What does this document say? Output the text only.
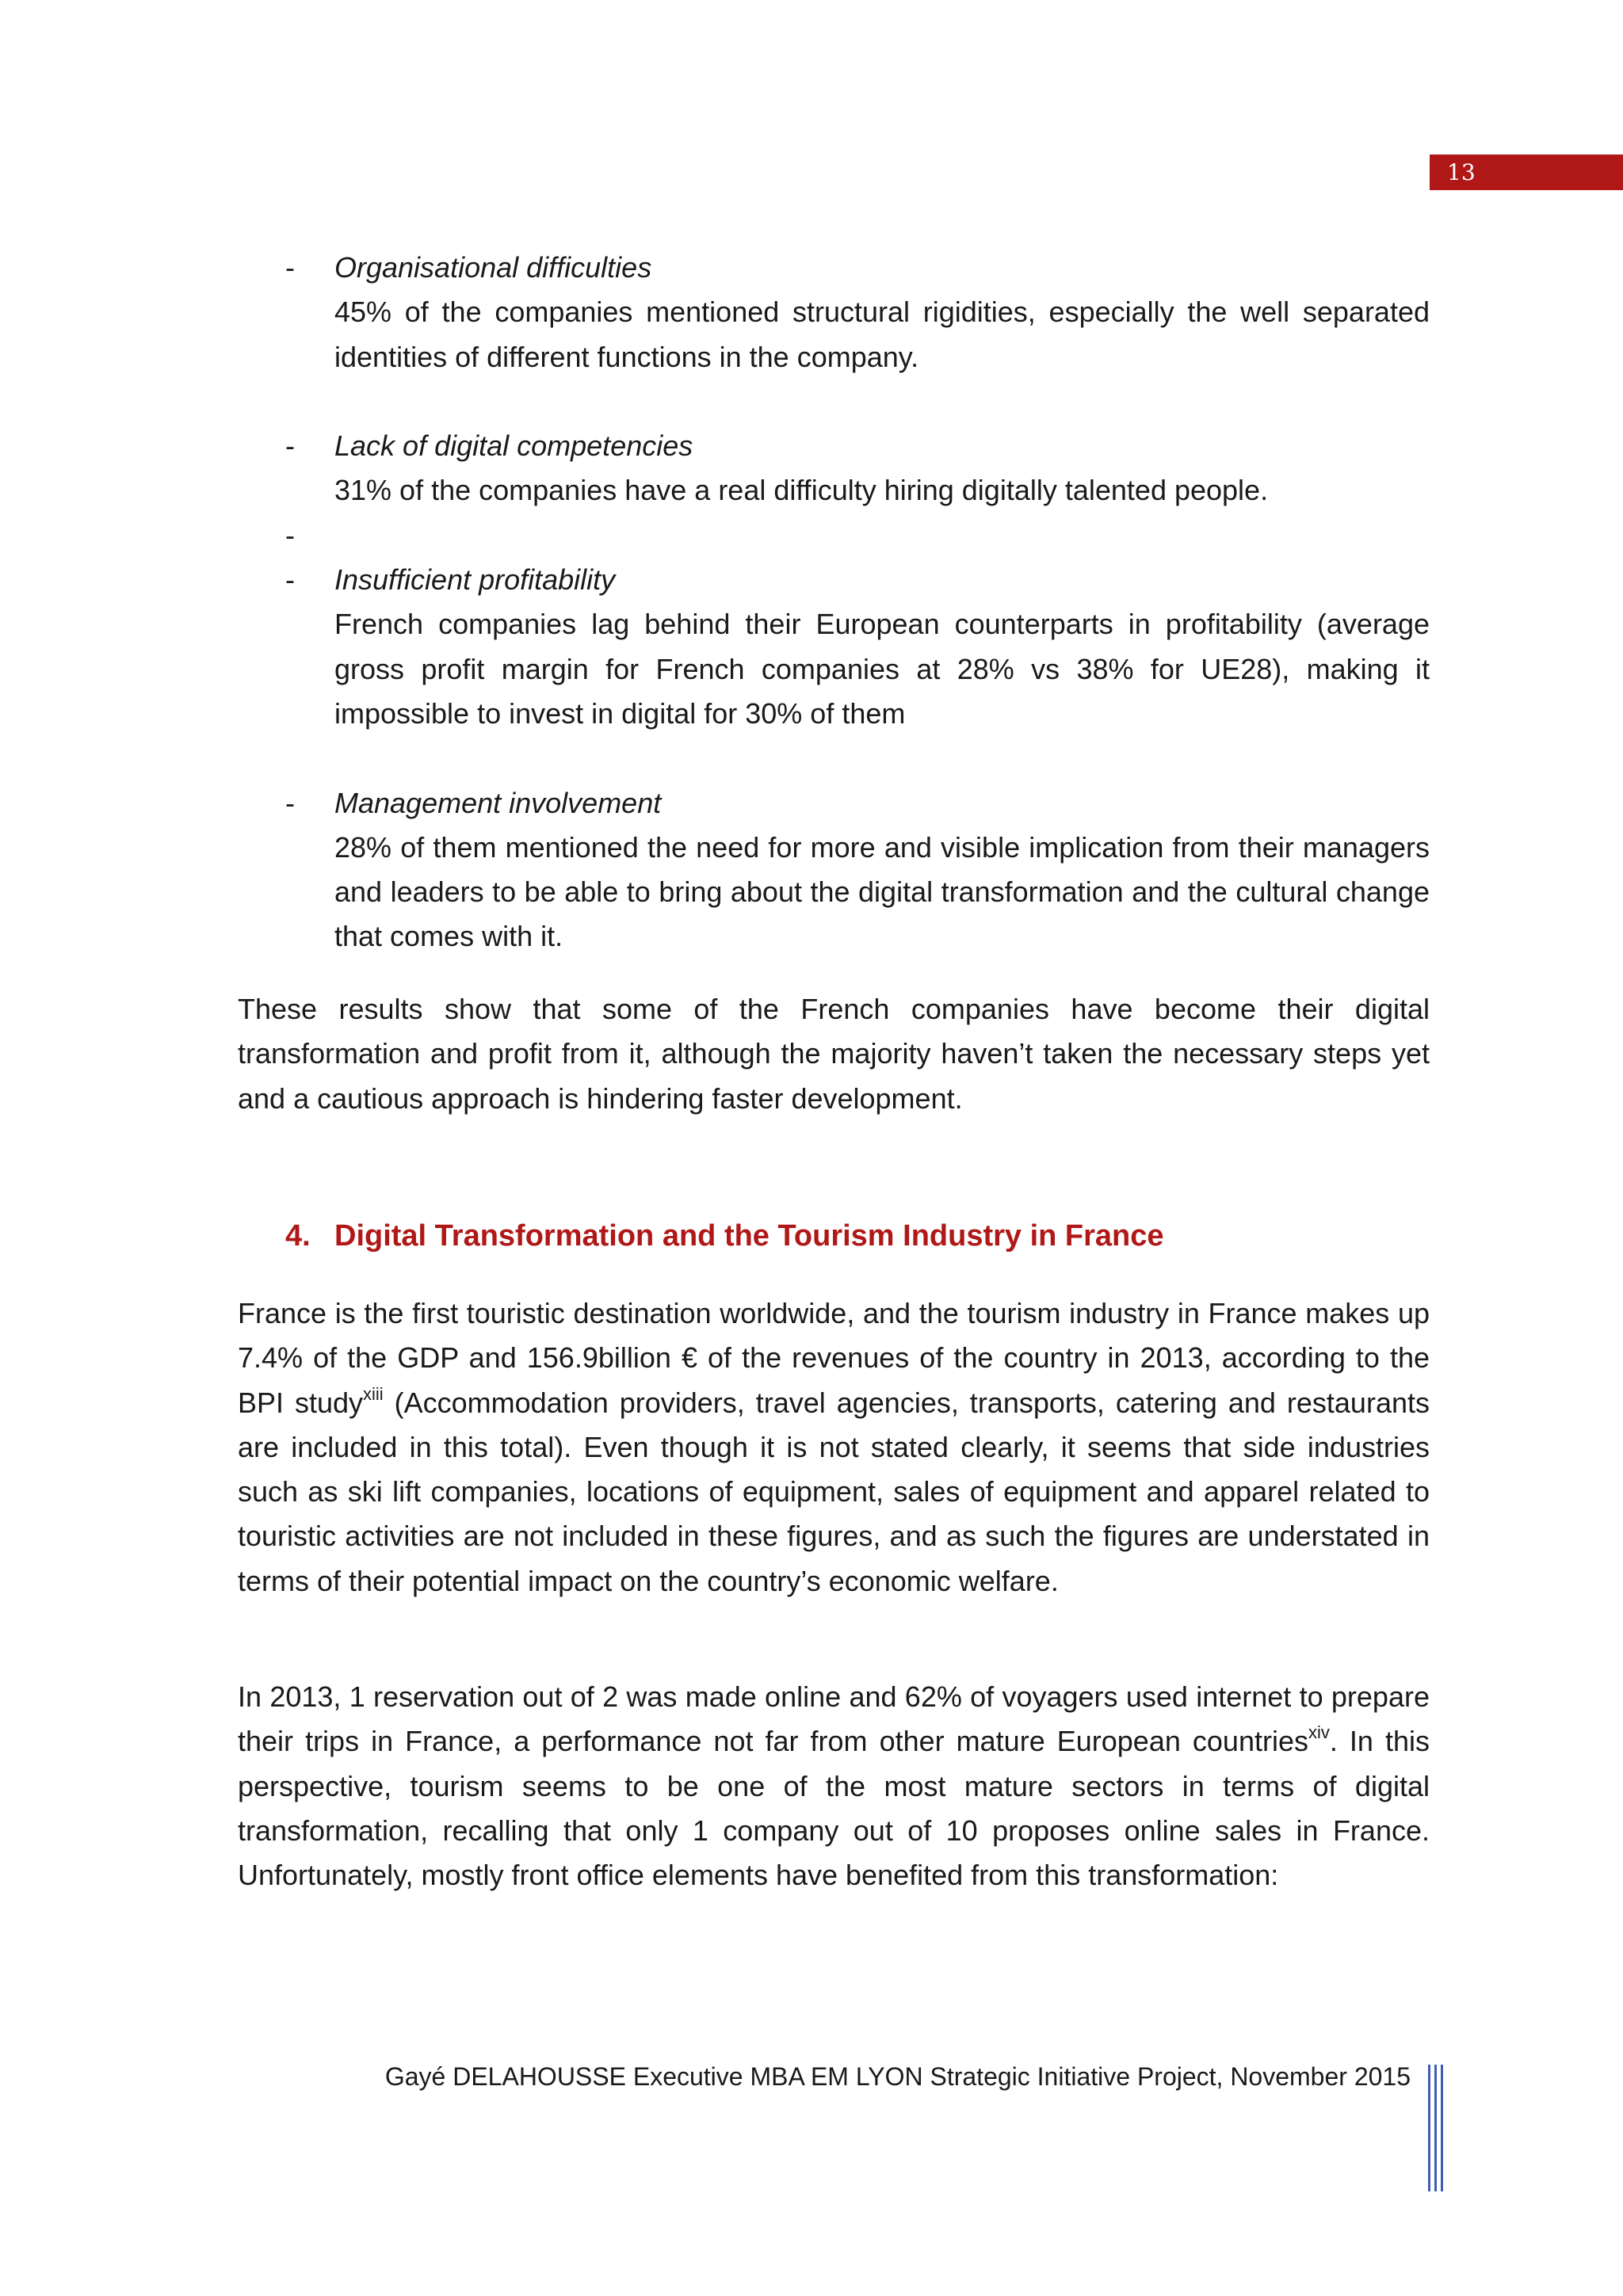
13
- Organisational difficulties

45% of the companies mentioned structural rigidities, especially the well separated identities of different functions in the company.

- Lack of digital competencies

31% of the companies have a real difficulty hiring digitally talented people.

-

- Insufficient profitability

French companies lag behind their European counterparts in profitability (average gross profit margin for French companies at 28% vs 38% for UE28), making it impossible to invest in digital for 30% of them

- Management involvement

28% of them mentioned the need for more and visible implication from their managers and leaders to be able to bring about the digital transformation and the cultural change that comes with it.

These results show that some of the French companies have become their digital transformation and profit from it, although the majority haven’t taken the necessary steps yet and a cautious approach is hindering faster development.

4. Digital Transformation and the Tourism Industry in France

France is the first touristic destination worldwide, and the tourism industry in France makes up 7.4% of the GDP and 156.9billion € of the revenues of the country in 2013, according to the BPI study$^{xiii}$ (Accommodation providers, travel agencies, transports, catering and restaurants are included in this total). Even though it is not stated clearly, it seems that side industries such as ski lift companies, locations of equipment, sales of equipment and apparel related to touristic activities are not included in these figures, and as such the figures are understated in terms of their potential impact on the country’s economic welfare.

In 2013, 1 reservation out of 2 was made online and 62% of voyagers used internet to prepare their trips in France, a performance not far from other mature European countries$^{xiv}$. In this perspective, tourism seems to be one of the most mature sectors in terms of digital transformation, recalling that only 1 company out of 10 proposes online sales in France. Unfortunately, mostly front office elements have benefited from this transformation:

Gayé DELAHOUSSE Executive MBA EM LYON Strategic Initiative Project, November 2015
